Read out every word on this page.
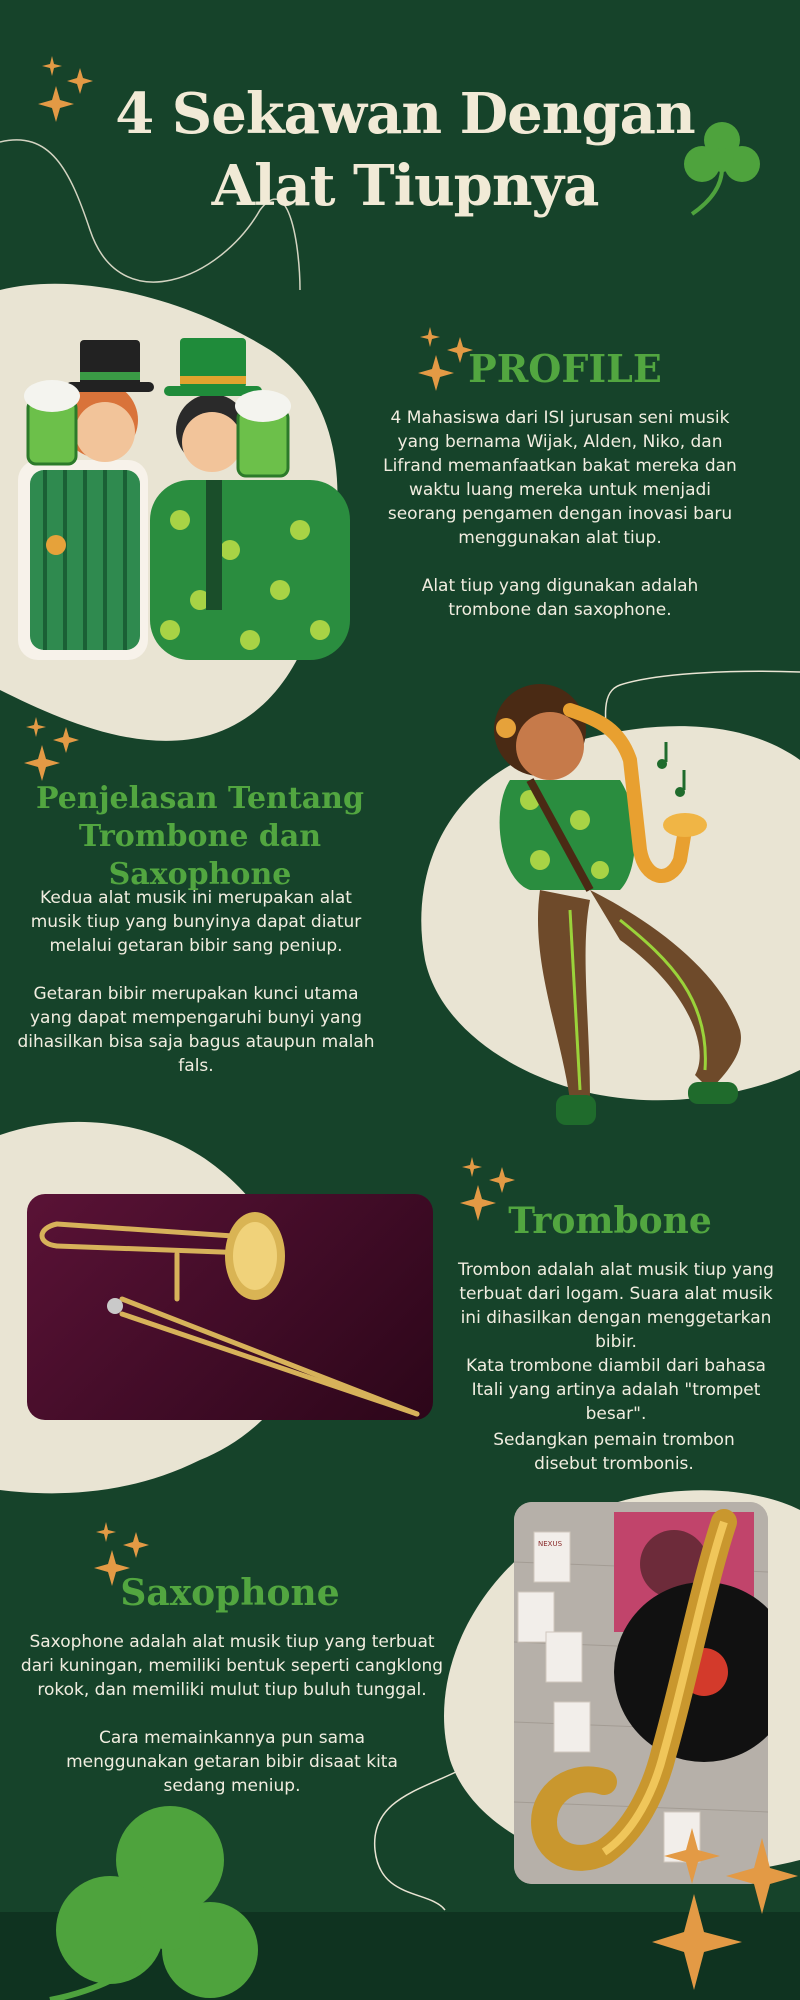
4 Sekawan Dengan Alat Tiupnya
PROFILE

4 Mahasiswa dari ISI jurusan seni musik yang bernama Wijak, Alden, Niko, dan Lifrand memanfaatkan bakat mereka dan waktu luang mereka untuk menjadi seorang pengamen dengan inovasi baru menggunakan alat tiup.

Alat tiup yang digunakan adalah trombone dan saxophone.

Penjelasan Tentang
Trombone dan Saxophone

Kedua alat musik ini merupakan alat musik tiup yang bunyinya dapat diatur melalui getaran bibir sang peniup.

Getaran bibir merupakan kunci utama yang dapat mempengaruhi bunyi yang dihasilkan bisa saja bagus ataupun malah fals.

Trombone

Trombon adalah alat musik tiup yang terbuat dari logam. Suara alat musik ini dihasilkan dengan menggetarkan bibir.

Kata trombone diambil dari bahasa Itali yang artinya adalah "trompet besar".

Sedangkan pemain trombon disebut trombonis.

Saxophone

Saxophone adalah alat musik tiup yang terbuat dari kuningan, memiliki bentuk seperti cangklong rokok, dan memiliki mulut tiup buluh tunggal.

Cara memainkannya pun sama menggunakan getaran bibir disaat kita sedang meniup.

NEXUS
